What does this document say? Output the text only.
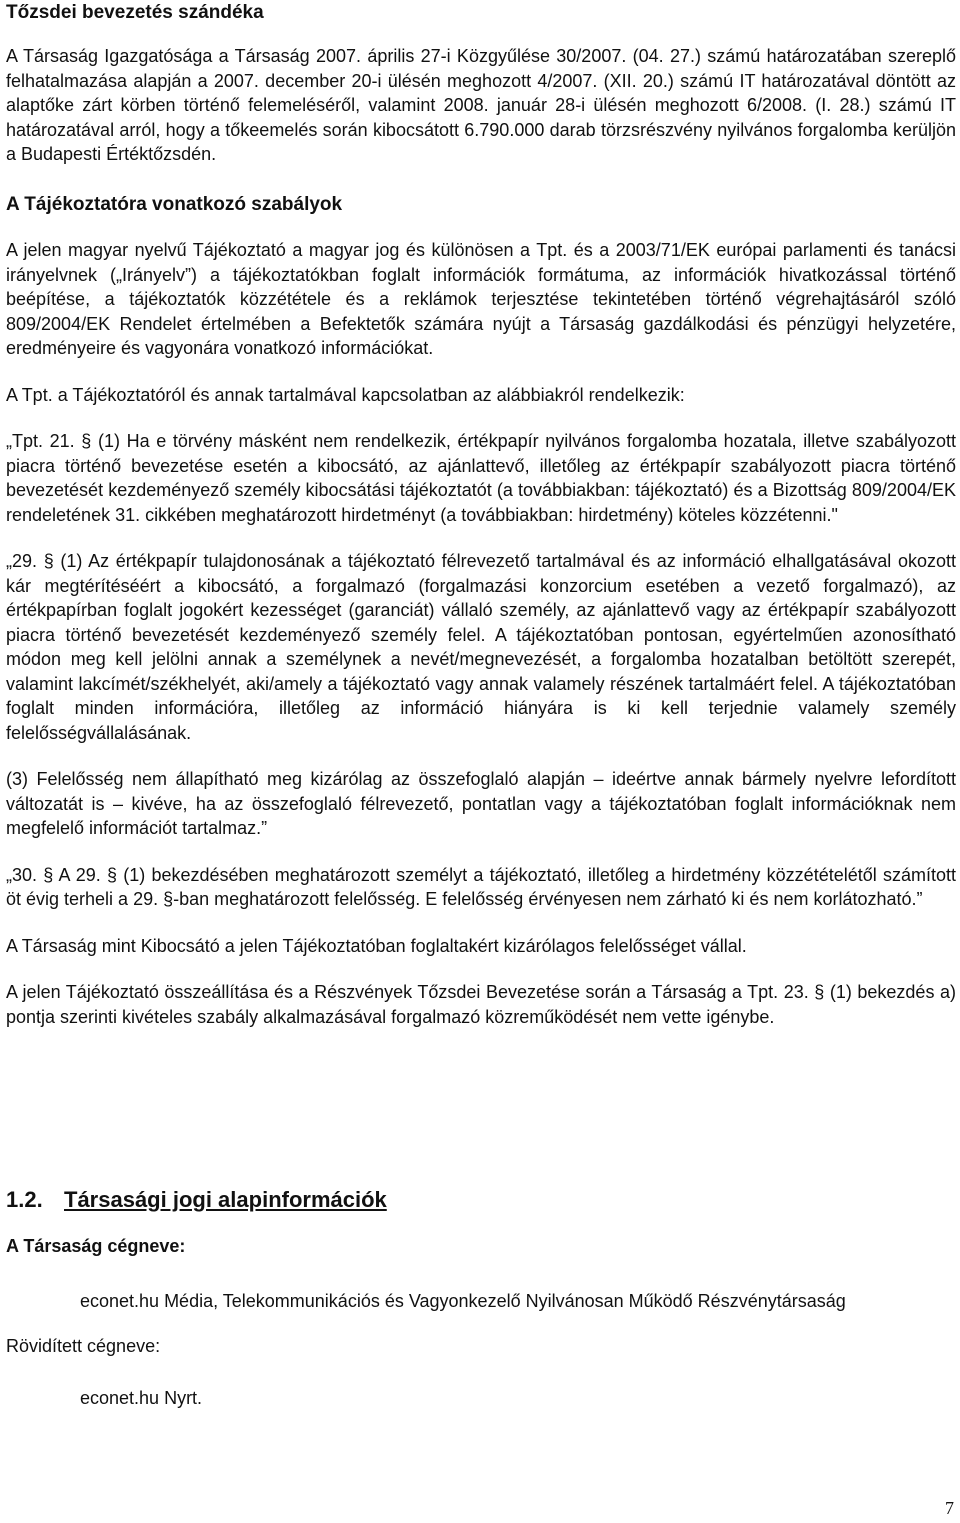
Tőzsdei bevezetés szándéka

A Társaság Igazgatósága a Társaság 2007. április 27-i Közgyűlése 30/2007. (04. 27.) számú határozatában szereplő felhatalmazása alapján a 2007. december 20-i ülésén meghozott 4/2007. (XII. 20.) számú IT határozatával döntött az alaptőke zárt körben történő felemeléséről, valamint 2008. január 28-i ülésén meghozott 6/2008. (I. 28.) számú IT határozatával arról, hogy a tőkeemelés során kibocsátott 6.790.000 darab törzsrészvény nyilvános forgalomba kerüljön a Budapesti Értéktőzsdén.

A Tájékoztatóra vonatkozó szabályok

A jelen magyar nyelvű Tájékoztató a magyar jog és különösen a Tpt. és a 2003/71/EK európai parlamenti és tanácsi irányelvnek („Irányelv”) a tájékoztatókban foglalt információk formátuma, az információk hivatkozással történő beépítése, a tájékoztatók közzététele és a reklámok terjesztése tekintetében történő végrehajtásáról szóló 809/2004/EK Rendelet értelmében a Befektetők számára nyújt a Társaság gazdálkodási és pénzügyi helyzetére, eredményeire és vagyonára vonatkozó információkat.

A Tpt. a Tájékoztatóról és annak tartalmával kapcsolatban az alábbiakról rendelkezik:

„Tpt. 21. § (1) Ha e törvény másként nem rendelkezik, értékpapír nyilvános forgalomba hozatala, illetve szabályozott piacra történő bevezetése esetén a kibocsátó, az ajánlattevő, illetőleg az értékpapír szabályozott piacra történő bevezetését kezdeményező személy kibocsátási tájékoztatót (a továbbiakban: tájékoztató) és a Bizottság 809/2004/EK rendeletének 31. cikkében meghatározott hirdetményt (a továbbiakban: hirdetmény) köteles közzétenni."

„29. § (1) Az értékpapír tulajdonosának a tájékoztató félrevezető tartalmával és az információ elhallgatásával okozott kár megtérítéséért a kibocsátó, a forgalmazó (forgalmazási konzorcium esetében a vezető forgalmazó), az értékpapírban foglalt jogokért kezességet (garanciát) vállaló személy, az ajánlattevő vagy az értékpapír szabályozott piacra történő bevezetését kezdeményező személy felel. A tájékoztatóban pontosan, egyértelműen azonosítható módon meg kell jelölni annak a személynek a nevét/megnevezését, a forgalomba hozatalban betöltött szerepét, valamint lakcímét/székhelyét, aki/amely a tájékoztató vagy annak valamely részének tartalmáért felel. A tájékoztatóban foglalt minden információra, illetőleg az információ hiányára is ki kell terjednie valamely személy felelősségvállalásának.

(3) Felelősség nem állapítható meg kizárólag az összefoglaló alapján – ideértve annak bármely nyelvre lefordított változatát is – kivéve, ha az összefoglaló félrevezető, pontatlan vagy a tájékoztatóban foglalt információknak nem megfelelő információt tartalmaz.”

„30. § A 29. § (1) bekezdésében meghatározott személyt a tájékoztató, illetőleg a hirdetmény közzétételétől számított öt évig terheli a 29. §-ban meghatározott felelősség. E felelősség érvényesen nem zárható ki és nem korlátozható.”

A Társaság mint Kibocsátó a jelen Tájékoztatóban foglaltakért kizárólagos felelősséget vállal.

A jelen Tájékoztató összeállítása és a Részvények Tőzsdei Bevezetése során a Társaság a Tpt. 23. § (1) bekezdés a) pontja szerinti kivételes szabály alkalmazásával forgalmazó közreműködését nem vette igénybe.

1.2. Társasági jogi alapinformációk
A Társaság cégneve:

econet.hu Média, Telekommunikációs és Vagyonkezelő Nyilvánosan Működő Részvénytársaság

Rövidített cégneve:

econet.hu Nyrt.

7
